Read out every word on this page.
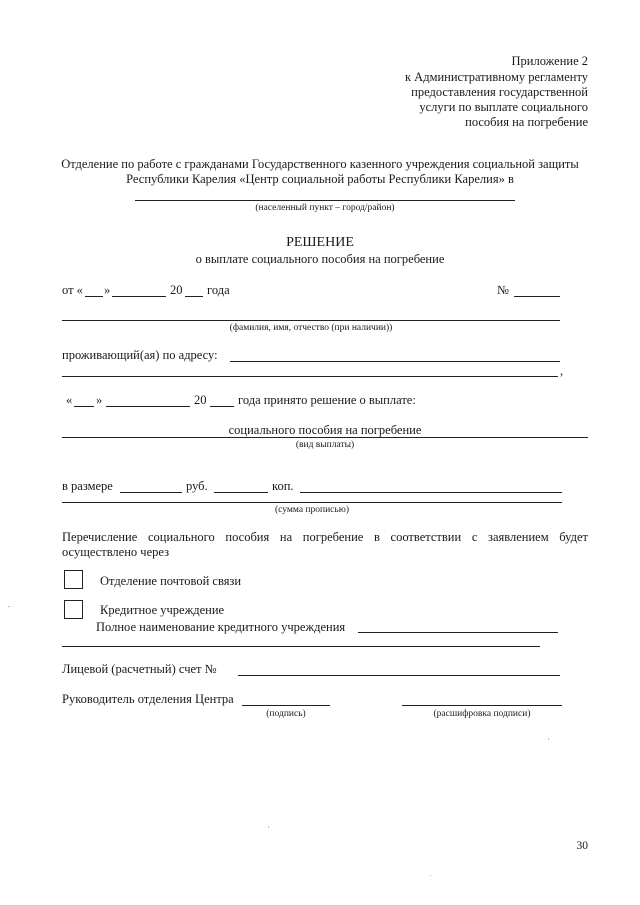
Приложение 2
к Административному регламенту
предоставления государственной
услуги по выплате социального
пособия на погребение
Отделение по работе с гражданами Государственного казенного учреждения социальной защиты
Республики Карелия «Центр социальной работы Республики Карелия» в
(населенный пункт – город/район)
РЕШЕНИЕ
о выплате социального пособия на погребение
от « »	20 года	№
(фамилия, имя, отчество (при наличии))
проживающий(ая) по адресу:
,
« »	20	года принято решение о выплате:
социального пособия на погребение
(вид выплаты)
в размере	руб.	коп.
(сумма прописью)
Перечисление социального пособия на погребение в соответствии с заявлением будет
осуществлено через
Отделение почтовой связи
Кредитное учреждение
Полное наименование кредитного учреждения
Лицевой (расчетный) счет №
Руководитель отделения Центра
(подпись)	(расшифровка подписи)
30
